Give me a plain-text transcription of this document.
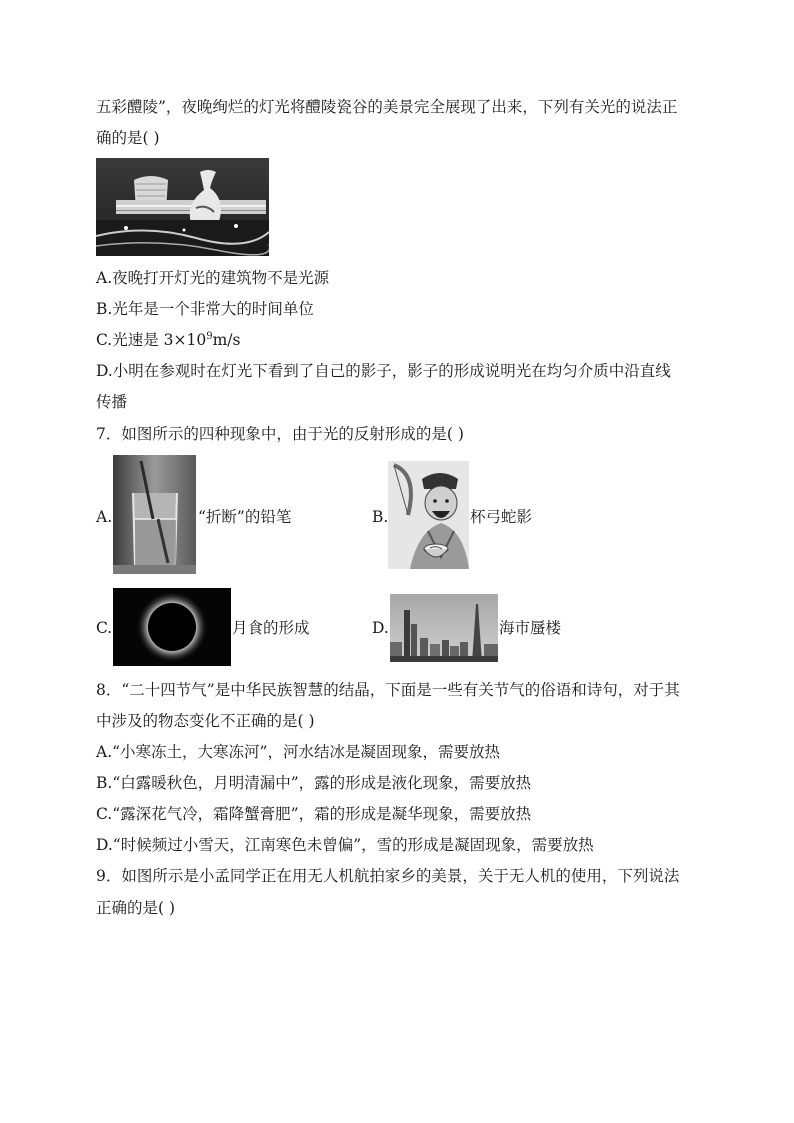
五彩醴陵”，夜晚绚烂的灯光将醴陵瓷谷的美景完全展现了出来，下列有关光的说法正
确的是( )
A.夜晚打开灯光的建筑物不是光源
B.光年是一个非常大的时间单位
C.光速是 $3\times 10^9m/s$
D.小明在参观时在灯光下看到了自己的影子，影子的形成说明光在均匀介质中沿直线
传播
7．如图所示的四种现象中，由于光的反射形成的是( )
A.	“折断”的铅笔	B.	杯弓蛇影
C.	月食的形成	D.	海市蜃楼
8．“二十四节气”是中华民族智慧的结晶，下面是一些有关节气的俗语和诗句，对于其
中涉及的物态变化不正确的是( )
A.“小寒冻土，大寒冻河”，河水结冰是凝固现象，需要放热
B.“白露暖秋色，月明清漏中”，露的形成是液化现象，需要放热
C.“露深花气冷，霜降蟹膏肥”，霜的形成是凝华现象，需要放热
D.“时候频过小雪天，江南寒色未曾偏”，雪的形成是凝固现象，需要放热
9．如图所示是小孟同学正在用无人机航拍家乡的美景，关于无人机的使用，下列说法
正确的是( )
